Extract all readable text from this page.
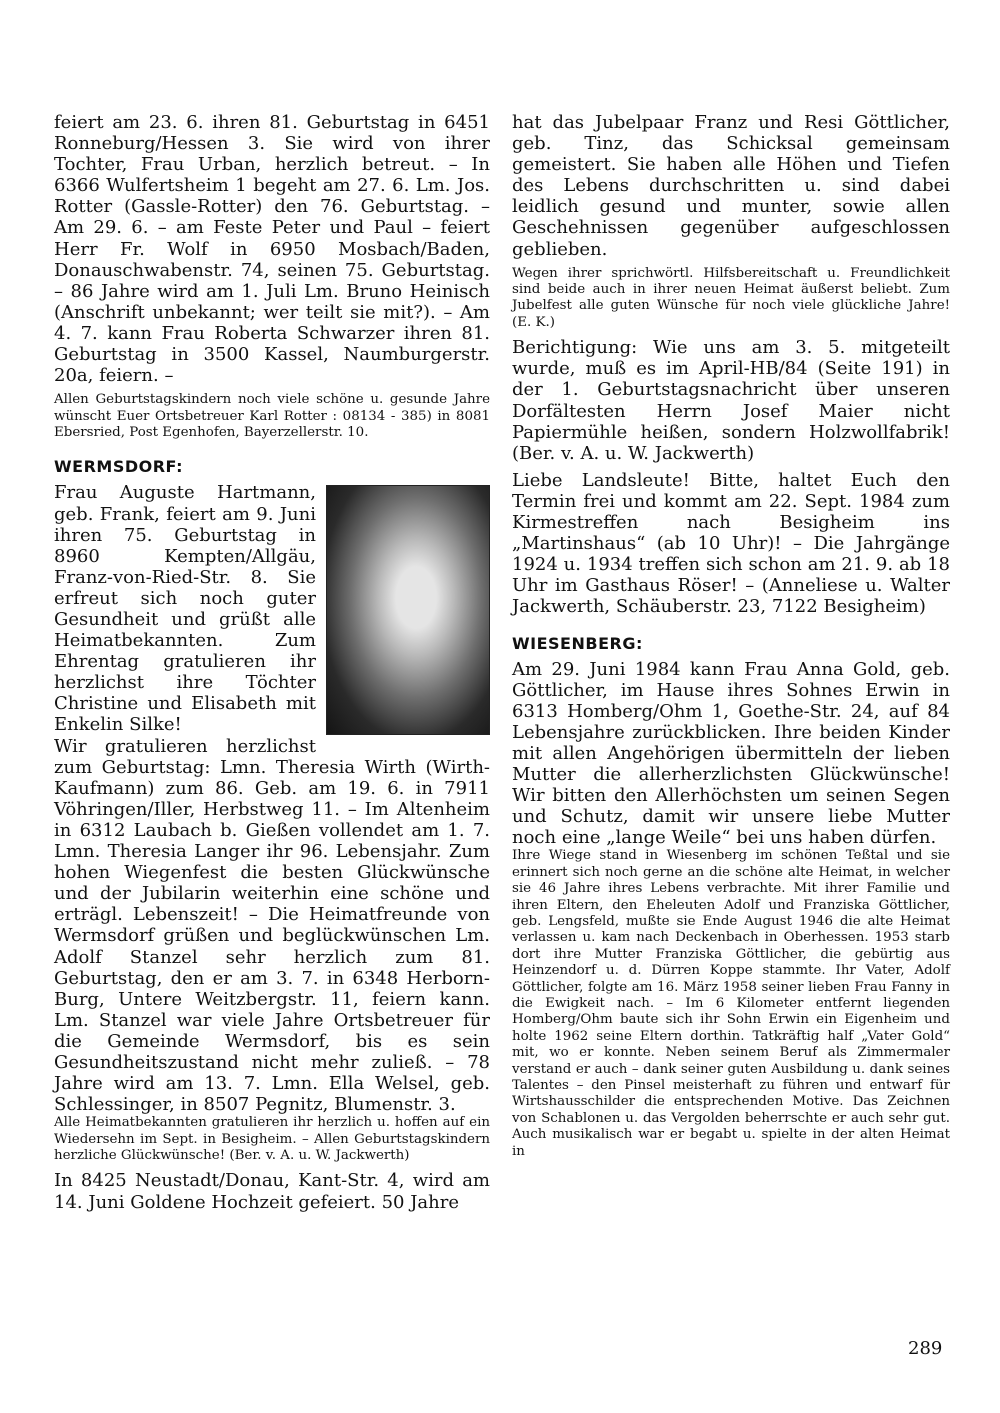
feiert am 23. 6. ihren 81. Geburtstag in 6451 Ronneburg/Hessen 3. Sie wird von ihrer Tochter, Frau Urban, herzlich betreut. – In 6366 Wulfertsheim 1 begeht am 27. 6. Lm. Jos. Rotter (Gassle-Rotter) den 76. Geburtstag. – Am 29. 6. – am Feste Peter und Paul – feiert Herr Fr. Wolf in 6950 Mosbach/Baden, Donauschwabenstr. 74, seinen 75. Geburtstag. – 86 Jahre wird am 1. Juli Lm. Bruno Heinisch (Anschrift unbekannt; wer teilt sie mit?). – Am 4. 7. kann Frau Roberta Schwarzer ihren 81. Geburtstag in 3500 Kassel, Naumburgerstr. 20a, feiern. –

Allen Geburtstagskindern noch viele schöne u. gesunde Jahre wünscht Euer Ortsbetreuer Karl Rotter : 08134 - 385) in 8081 Ebersried, Post Egenhofen, Bayerzellerstr. 10.

WERMSDORF:

Frau Auguste Hartmann, geb. Frank, feiert am 9. Juni ihren 75. Geburtstag in 8960 Kempten/Allgäu, Franz-von-Ried-Str. 8. Sie erfreut sich noch guter Gesundheit und grüßt alle Heimatbekannten. Zum Ehrentag gratulieren ihr herzlichst ihre Töchter Christine und Elisabeth mit Enkelin Silke!

Wir gratulieren herzlichst zum Geburtstag: Lmn. Theresia Wirth (Wirth-Kaufmann) zum 86. Geb. am 19. 6. in 7911 Vöhringen/Iller, Herbstweg 11. – Im Altenheim in 6312 Laubach b. Gießen vollendet am 1. 7. Lmn. Theresia Langer ihr 96. Lebensjahr. Zum hohen Wiegenfest die besten Glückwünsche und der Jubilarin weiterhin eine schöne und erträgl. Lebenszeit! – Die Heimatfreunde von Wermsdorf grüßen und beglückwünschen Lm. Adolf Stanzel sehr herzlich zum 81. Geburtstag, den er am 3. 7. in 6348 Herborn-Burg, Untere Weitzbergstr. 11, feiern kann. Lm. Stanzel war viele Jahre Ortsbetreuer für die Gemeinde Wermsdorf, bis es sein Gesundheitszustand nicht mehr zuließ. – 78 Jahre wird am 13. 7. Lmn. Ella Welsel, geb. Schlessinger, in 8507 Pegnitz, Blumenstr. 3.

Alle Heimatbekannten gratulieren ihr herzlich u. hoffen auf ein Wiedersehn im Sept. in Besigheim. – Allen Geburtstagskindern herzliche Glückwünsche! (Ber. v. A. u. W. Jackwerth)

In 8425 Neustadt/Donau, Kant-Str. 4, wird am 14. Juni Goldene Hochzeit gefeiert. 50 Jahre

hat das Jubelpaar Franz und Resi Göttlicher, geb. Tinz, das Schicksal gemeinsam gemeistert. Sie haben alle Höhen und Tiefen des Lebens durchschritten u. sind dabei leidlich gesund und munter, sowie allen Geschehnissen gegenüber aufgeschlossen geblieben.

Wegen ihrer sprichwörtl. Hilfsbereitschaft u. Freundlichkeit sind beide auch in ihrer neuen Heimat äußerst beliebt. Zum Jubelfest alle guten Wünsche für noch viele glückliche Jahre! (E. K.)

Berichtigung: Wie uns am 3. 5. mitgeteilt wurde, muß es im April-HB/84 (Seite 191) in der 1. Geburtstagsnachricht über unseren Dorfältesten Herrn Josef Maier nicht Papiermühle heißen, sondern Holzwollfabrik! (Ber. v. A. u. W. Jackwerth)

Liebe Landsleute! Bitte, haltet Euch den Termin frei und kommt am 22. Sept. 1984 zum Kirmestreffen nach Besigheim ins „Martinshaus“ (ab 10 Uhr)! – Die Jahrgänge 1924 u. 1934 treffen sich schon am 21. 9. ab 18 Uhr im Gasthaus Röser! – (Anneliese u. Walter Jackwerth, Schäuberstr. 23, 7122 Besigheim)

WIESENBERG:

Am 29. Juni 1984 kann Frau Anna Gold, geb. Göttlicher, im Hause ihres Sohnes Erwin in 6313 Homberg/Ohm 1, Goethe-Str. 24, auf 84 Lebensjahre zurückblicken. Ihre beiden Kinder mit allen Angehörigen übermitteln der lieben Mutter die allerherzlichsten Glückwünsche! Wir bitten den Allerhöchsten um seinen Segen und Schutz, damit wir unsere liebe Mutter noch eine „lange Weile“ bei uns haben dürfen.

Ihre Wiege stand in Wiesenberg im schönen Teßtal und sie erinnert sich noch gerne an die schöne alte Heimat, in welcher sie 46 Jahre ihres Lebens verbrachte. Mit ihrer Familie und ihren Eltern, den Eheleuten Adolf und Franziska Göttlicher, geb. Lengsfeld, mußte sie Ende August 1946 die alte Heimat verlassen u. kam nach Deckenbach in Oberhessen. 1953 starb dort ihre Mutter Franziska Göttlicher, die gebürtig aus Heinzendorf u. d. Dürren Koppe stammte. Ihr Vater, Adolf Göttlicher, folgte am 16. März 1958 seiner lieben Frau Fanny in die Ewigkeit nach. – Im 6 Kilometer entfernt liegenden Homberg/Ohm baute sich ihr Sohn Erwin ein Eigenheim und holte 1962 seine Eltern dorthin. Tatkräftig half „Vater Gold“ mit, wo er konnte. Neben seinem Beruf als Zimmermaler verstand er auch – dank seiner guten Ausbildung u. dank seines Talentes – den Pinsel meisterhaft zu führen und entwarf für Wirtshausschilder die entsprechenden Motive. Das Zeichnen von Schablonen u. das Vergolden beherrschte er auch sehr gut. Auch musikalisch war er begabt u. spielte in der alten Heimat in

289
